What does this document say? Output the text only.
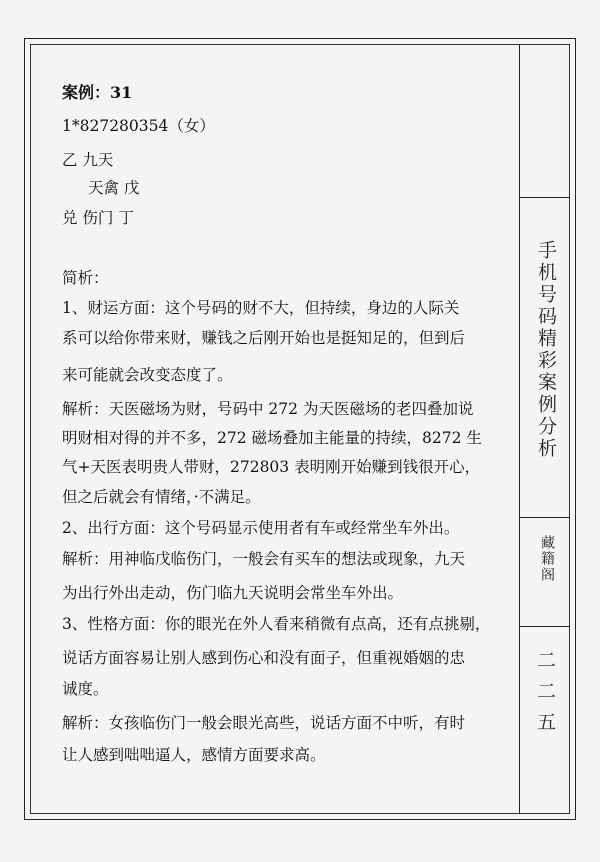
手机号码精彩案例分析
藏籍阁
二二五
案例：31
1*827280354（女）
乙 九天
天禽 戊
兑 伤门 丁
简析：
1、财运方面：这个号码的财不大，但持续，身边的人际关
系可以给你带来财，赚钱之后刚开始也是挺知足的，但到后
来可能就会改变态度了。
解析：天医磁场为财，号码中 272 为天医磁场的老四叠加说
明财相对得的并不多，272 磁场叠加主能量的持续，8272 生
气+天医表明贵人带财，272803 表明刚开始赚到钱很开心，
但之后就会有情绪，·不满足。
2、出行方面：这个号码显示使用者有车或经常坐车外出。
解析：用神临戊临伤门，一般会有买车的想法或现象，九天
为出行外出走动，伤门临九天说明会常坐车外出。
3、性格方面：你的眼光在外人看来稍微有点高，还有点挑剔，
说话方面容易让别人感到伤心和没有面子，但重视婚姻的忠
诚度。
解析：女孩临伤门一般会眼光高些，说话方面不中听，有时
让人感到咄咄逼人，感情方面要求高。
